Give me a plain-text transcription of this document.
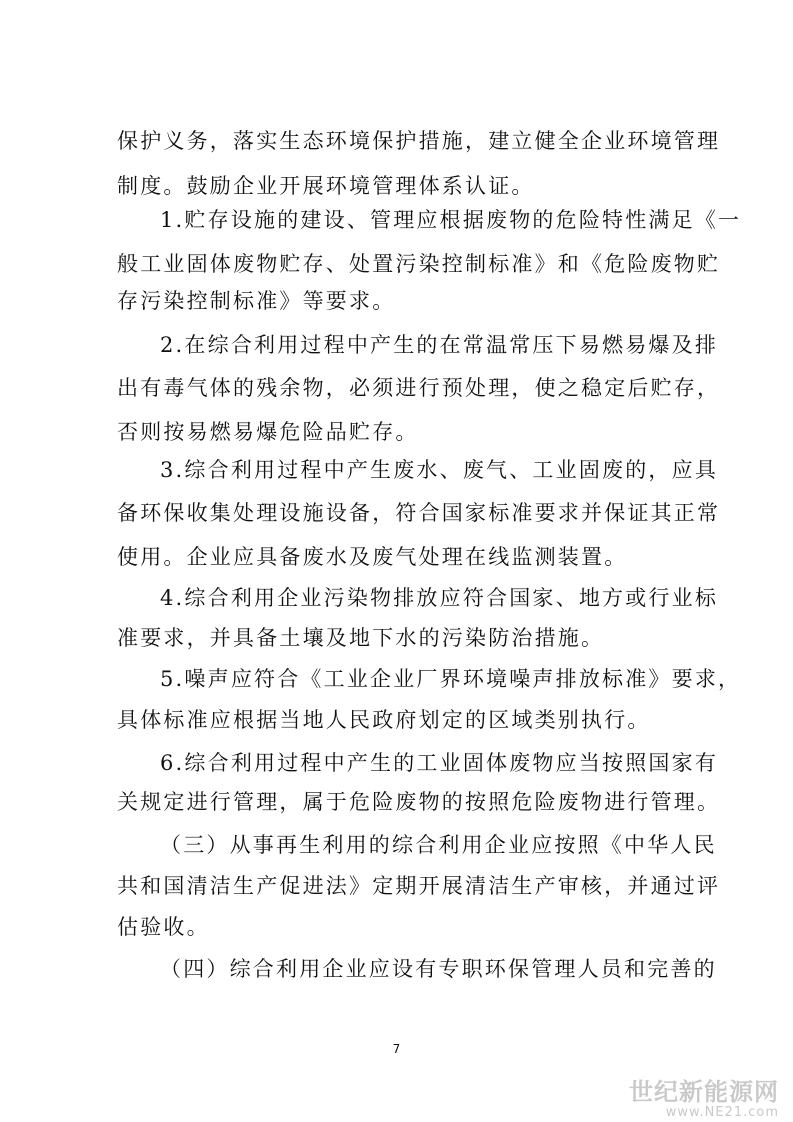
保护义务，落实生态环境保护措施，建立健全企业环境管理
制度。鼓励企业开展环境管理体系认证。
1.贮存设施的建设、管理应根据废物的危险特性满足《一
般工业固体废物贮存、处置污染控制标准》和《危险废物贮
存污染控制标准》等要求。
2.在综合利用过程中产生的在常温常压下易燃易爆及排
出有毒气体的残余物，必须进行预处理，使之稳定后贮存，
否则按易燃易爆危险品贮存。
3.综合利用过程中产生废水、废气、工业固废的，应具
备环保收集处理设施设备，符合国家标准要求并保证其正常
使用。企业应具备废水及废气处理在线监测装置。
4.综合利用企业污染物排放应符合国家、地方或行业标
准要求，并具备土壤及地下水的污染防治措施。
5.噪声应符合《工业企业厂界环境噪声排放标准》要求，
具体标准应根据当地人民政府划定的区域类别执行。
6.综合利用过程中产生的工业固体废物应当按照国家有
关规定进行管理，属于危险废物的按照危险废物进行管理。
（三）从事再生利用的综合利用企业应按照《中华人民
共和国清洁生产促进法》定期开展清洁生产审核，并通过评
估验收。
（四）综合利用企业应设有专职环保管理人员和完善的
7
世纪新能源网
www.NE21.com
